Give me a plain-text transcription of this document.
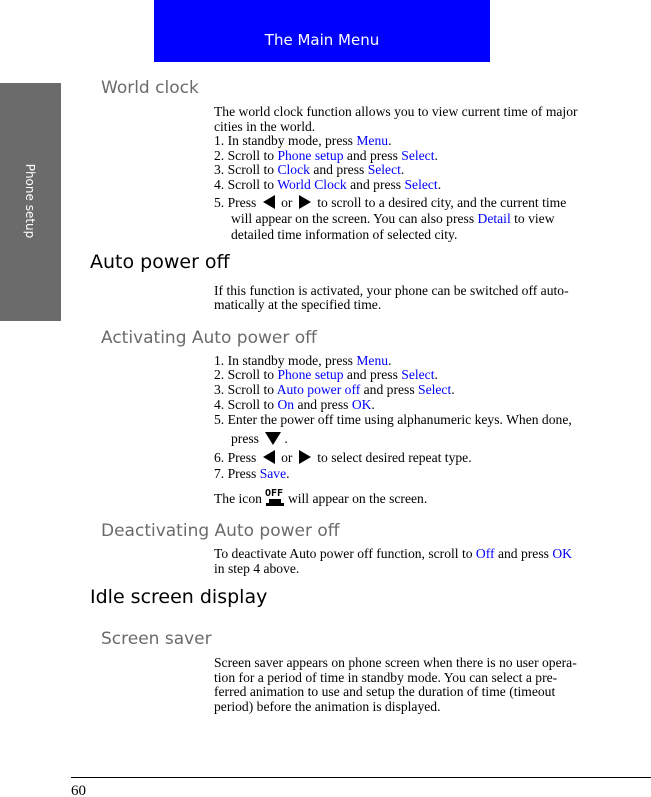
The Main Menu
Phone setup
World clock
Auto power off
Activating Auto power off
Deactivating Auto power off
Idle screen display
Screen saver
The world clock function allows you to view current time of major
cities in the world.
1. In standby mode, press Menu.
2. Scroll to Phone setup and press Select.
3. Scroll to Clock and press Select.
4. Scroll to World Clock and press Select.
5. Press  or  to scroll to a desired city, and the current time
will appear on the screen. You can also press Detail to view
detailed time information of selected city.
If this function is activated, your phone can be switched off auto-
matically at the specified time.
1. In standby mode, press Menu.
2. Scroll to Phone setup and press Select.
3. Scroll to Auto power off and press Select.
4. Scroll to On and press OK.
5. Enter the power off time using alphanumeric keys. When done,
press .
6. Press  or  to select desired repeat type.
7. Press Save.
The icon OFF will appear on the screen.
To deactivate Auto power off function, scroll to Off and press OK
in step 4 above.
Screen saver appears on phone screen when there is no user opera-
tion for a period of time in standby mode. You can select a pre-
ferred animation to use and setup the duration of time (timeout
period) before the animation is displayed.
60
